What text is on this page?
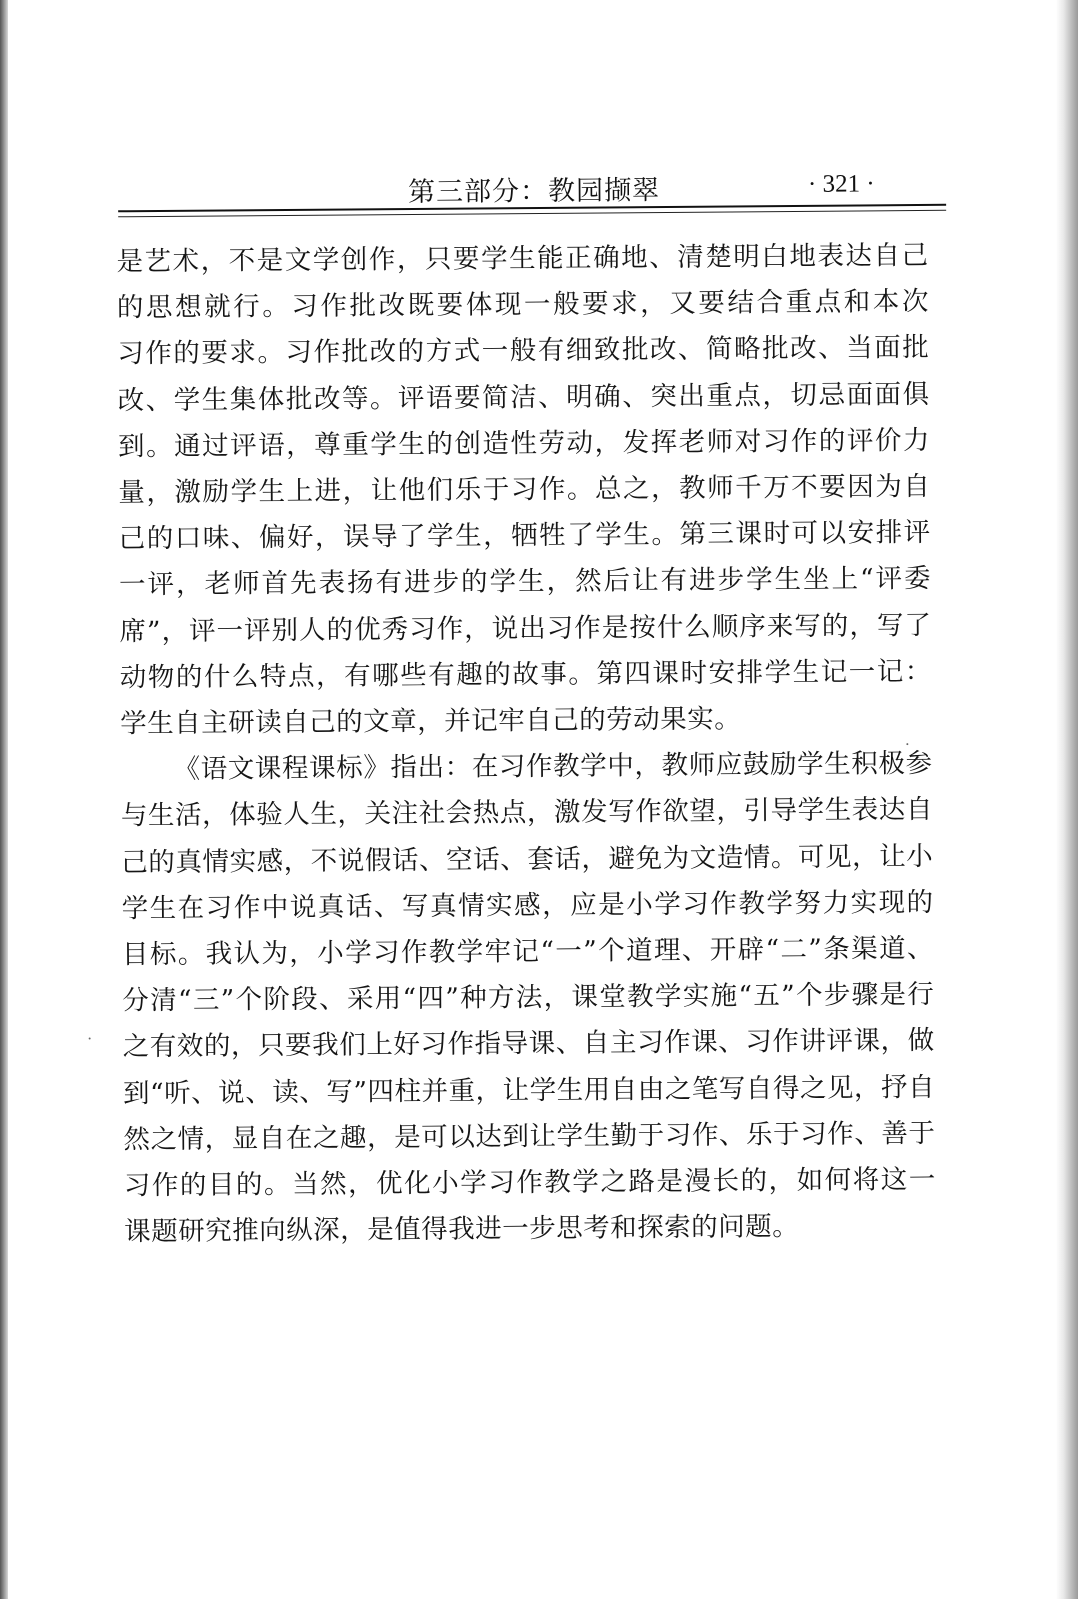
第三部分：教园撷翠	· 321 ·

是艺术，不是文学创作，只要学生能正确地、清楚明白地表达自己

的思想就行。习作批改既要体现一般要求，又要结合重点和本次

习作的要求。习作批改的方式一般有细致批改、简略批改、当面批

改、学生集体批改等。评语要简洁、明确、突出重点，切忌面面俱

到。通过评语，尊重学生的创造性劳动，发挥老师对习作的评价力

量，激励学生上进，让他们乐于习作。总之，教师千万不要因为自

己的口味、偏好，误导了学生，牺牲了学生。第三课时可以安排评

一评，老师首先表扬有进步的学生，然后让有进步学生坐上“评委

席”，评一评别人的优秀习作，说出习作是按什么顺序来写的，写了

动物的什么特点，有哪些有趣的故事。第四课时安排学生记一记：

学生自主研读自己的文章，并记牢自己的劳动果实。

《语文课程课标》指出：在习作教学中，教师应鼓励学生积极参

与生活，体验人生，关注社会热点，激发写作欲望，引导学生表达自

己的真情实感，不说假话、空话、套话，避免为文造情。可见，让小

学生在习作中说真话、写真情实感，应是小学习作教学努力实现的

目标。我认为，小学习作教学牢记“一”个道理、开辟“二”条渠道、

分清“三”个阶段、采用“四”种方法，课堂教学实施“五”个步骤是行

之有效的，只要我们上好习作指导课、自主习作课、习作讲评课，做

到“听、说、读、写”四柱并重，让学生用自由之笔写自得之见，抒自

然之情，显自在之趣，是可以达到让学生勤于习作、乐于习作、善于

习作的目的。当然，优化小学习作教学之路是漫长的，如何将这一

课题研究推向纵深，是值得我进一步思考和探索的问题。
